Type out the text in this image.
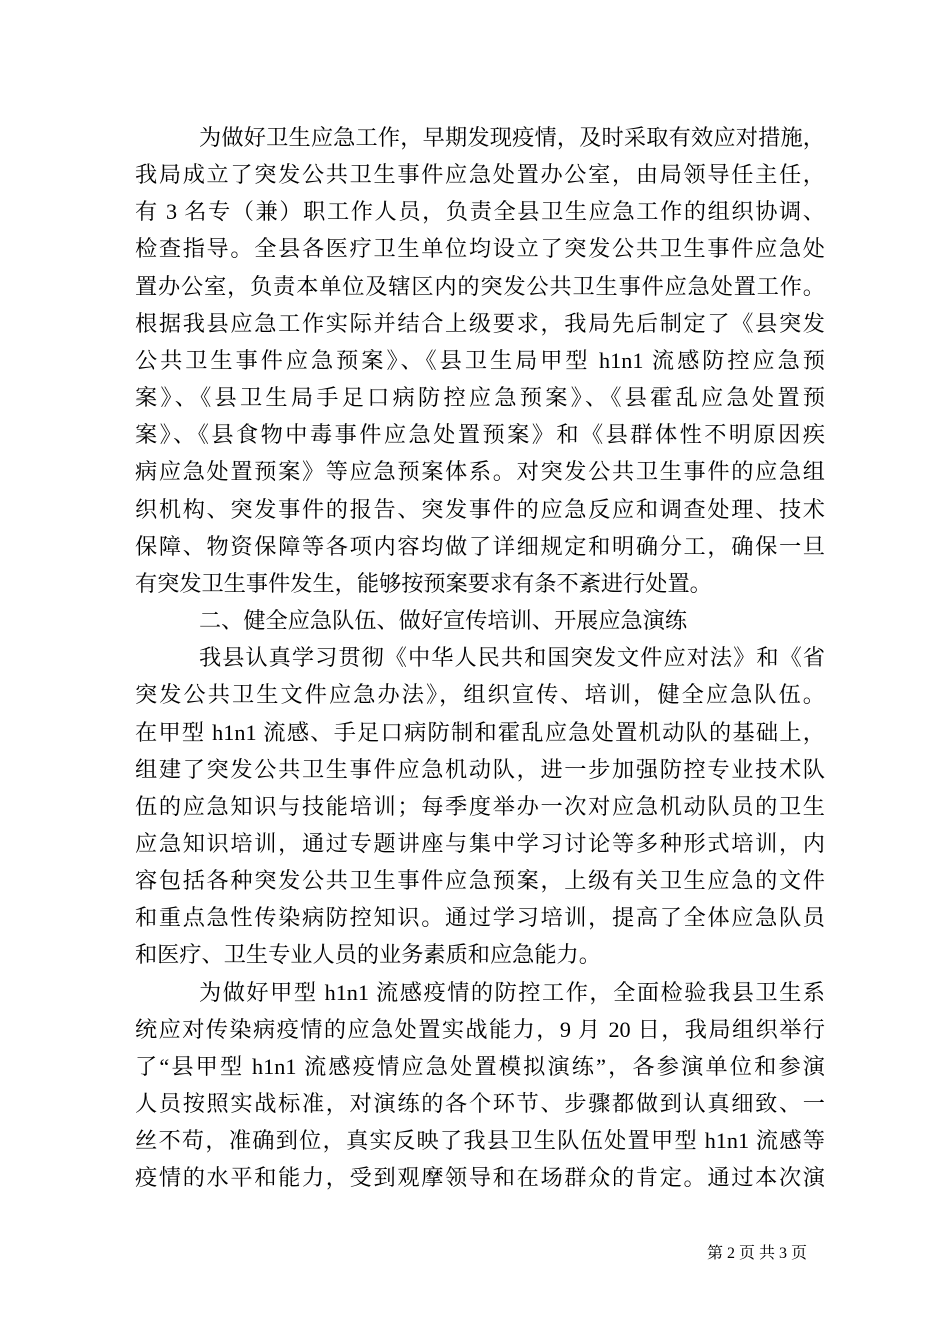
为做好卫生应急工作，早期发现疫情，及时采取有效应对措施，
我局成立了突发公共卫生事件应急处置办公室，由局领导任主任，
有 3 名专（兼）职工作人员，负责全县卫生应急工作的组织协调、
检查指导。全县各医疗卫生单位均设立了突发公共卫生事件应急处
置办公室，负责本单位及辖区内的突发公共卫生事件应急处置工作。
根据我县应急工作实际并结合上级要求，我局先后制定了《县突发
公共卫生事件应急预案》、《县卫生局甲型 h1n1 流感防控应急预
案》、《县卫生局手足口病防控应急预案》、《县霍乱应急处置预
案》、《县食物中毒事件应急处置预案》和《县群体性不明原因疾
病应急处置预案》等应急预案体系。对突发公共卫生事件的应急组
织机构、突发事件的报告、突发事件的应急反应和调查处理、技术
保障、物资保障等各项内容均做了详细规定和明确分工，确保一旦
有突发卫生事件发生，能够按预案要求有条不紊进行处置。
二、健全应急队伍、做好宣传培训、开展应急演练
我县认真学习贯彻《中华人民共和国突发文件应对法》和《省
突发公共卫生文件应急办法》，组织宣传、培训，健全应急队伍。
在甲型 h1n1 流感、手足口病防制和霍乱应急处置机动队的基础上，
组建了突发公共卫生事件应急机动队，进一步加强防控专业技术队
伍的应急知识与技能培训；每季度举办一次对应急机动队员的卫生
应急知识培训，通过专题讲座与集中学习讨论等多种形式培训，内
容包括各种突发公共卫生事件应急预案，上级有关卫生应急的文件
和重点急性传染病防控知识。通过学习培训，提高了全体应急队员
和医疗、卫生专业人员的业务素质和应急能力。
为做好甲型 h1n1 流感疫情的防控工作，全面检验我县卫生系
统应对传染病疫情的应急处置实战能力，9 月 20 日，我局组织举行
了“县甲型 h1n1 流感疫情应急处置模拟演练”，各参演单位和参演
人员按照实战标准，对演练的各个环节、步骤都做到认真细致、一
丝不苟，准确到位，真实反映了我县卫生队伍处置甲型 h1n1 流感等
疫情的水平和能力，受到观摩领导和在场群众的肯定。通过本次演
第 2 页 共 3 页
